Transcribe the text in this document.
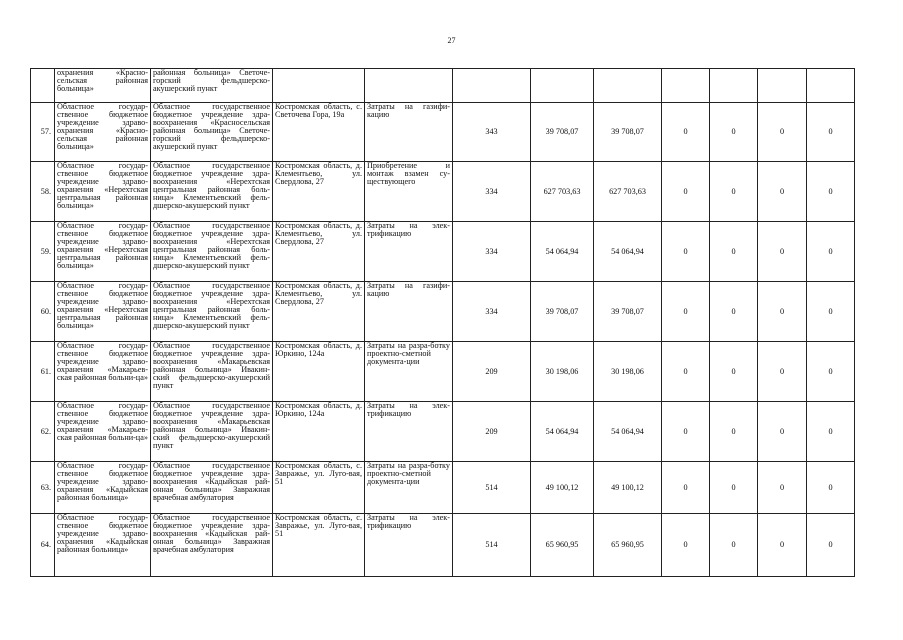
27
	охранения «Красно-сельская районная больница»	районная больница» Светоче-горский фельдшерско-акушерский пункт									
57.	Областное государ-ственное бюджетное учреждение здраво-охранения «Красно-сельская районная больница»	Областное государственное бюджетное учреждение здра-воохранения «Красносельская районная больница» Светоче-горский фельдшерско-акушерский пункт	Костромская область, с. Светочева Гора, 19а	Затраты на газифи-кацию	343	39 708,07	39 708,07	0	0	0	0
58.	Областное государ-ственное бюджетное учреждение здраво-охранения «Нерехтская центральная районная больница»	Областное государственное бюджетное учреждение здра-воохранения «Нерехтская центральная районная боль-ница» Клементьевский фель-дшерско-акушерский пункт	Костромская область, д. Клементьево, ул. Свердлова, 27	Приобретение и монтаж взамен су-ществующего	334	627 703,63	627 703,63	0	0	0	0
59.	Областное государ-ственное бюджетное учреждение здраво-охранения «Нерехтская центральная районная больница»	Областное государственное бюджетное учреждение здра-воохранения «Нерехтская центральная районная боль-ница» Клементьевский фель-дшерско-акушерский пункт	Костромская область, д. Клементьево, ул. Свердлова, 27	Затраты на элек-трификацию	334	54 064,94	54 064,94	0	0	0	0
60.	Областное государ-ственное бюджетное учреждение здраво-охранения «Нерехтская центральная районная больница»	Областное государственное бюджетное учреждение здра-воохранения «Нерехтская центральная районная боль-ница» Клементьевский фель-дшерско-акушерский пункт	Костромская область, д. Клементьево, ул. Свердлова, 27	Затраты на газифи-кацию	334	39 708,07	39 708,07	0	0	0	0
61.	Областное государ-ственное бюджетное учреждение здраво-охранения «Макарьев-ская районная больни-ца»	Областное государственное бюджетное учреждение здра-воохранения «Макарьевская районная больница» Ивакин-ский фельдшерско-акушерский пункт	Костромская область, д. Юркино, 124а	Затраты на разра-ботку проектно-сметной документа-ции	209	30 198,06	30 198,06	0	0	0	0
62.	Областное государ-ственное бюджетное учреждение здраво-охранения «Макарьев-ская районная больни-ца»	Областное государственное бюджетное учреждение здра-воохранения «Макарьевская районная больница» Ивакин-ский фельдшерско-акушерский пункт	Костромская область, д. Юркино, 124а	Затраты на элек-трификацию	209	54 064,94	54 064,94	0	0	0	0
63.	Областное государ-ственное бюджетное учреждение здраво-охранения «Кадыйская районная больница»	Областное государственное бюджетное учреждение здра-воохранения «Кадыйская рай-онная больница» Завражная врачебная амбулатория	Костромская область, с. Завражье, ул. Луго-вая, 51	Затраты на разра-ботку проектно-сметной документа-ции	514	49 100,12	49 100,12	0	0	0	0
64.	Областное государ-ственное бюджетное учреждение здраво-охранения «Кадыйская районная больница»	Областное государственное бюджетное учреждение здра-воохранения «Кадыйская рай-онная больница» Завражная врачебная амбулатория	Костромская область, с. Завражье, ул. Луго-вая, 51	Затраты на элек-трификацию	514	65 960,95	65 960,95	0	0	0	0
